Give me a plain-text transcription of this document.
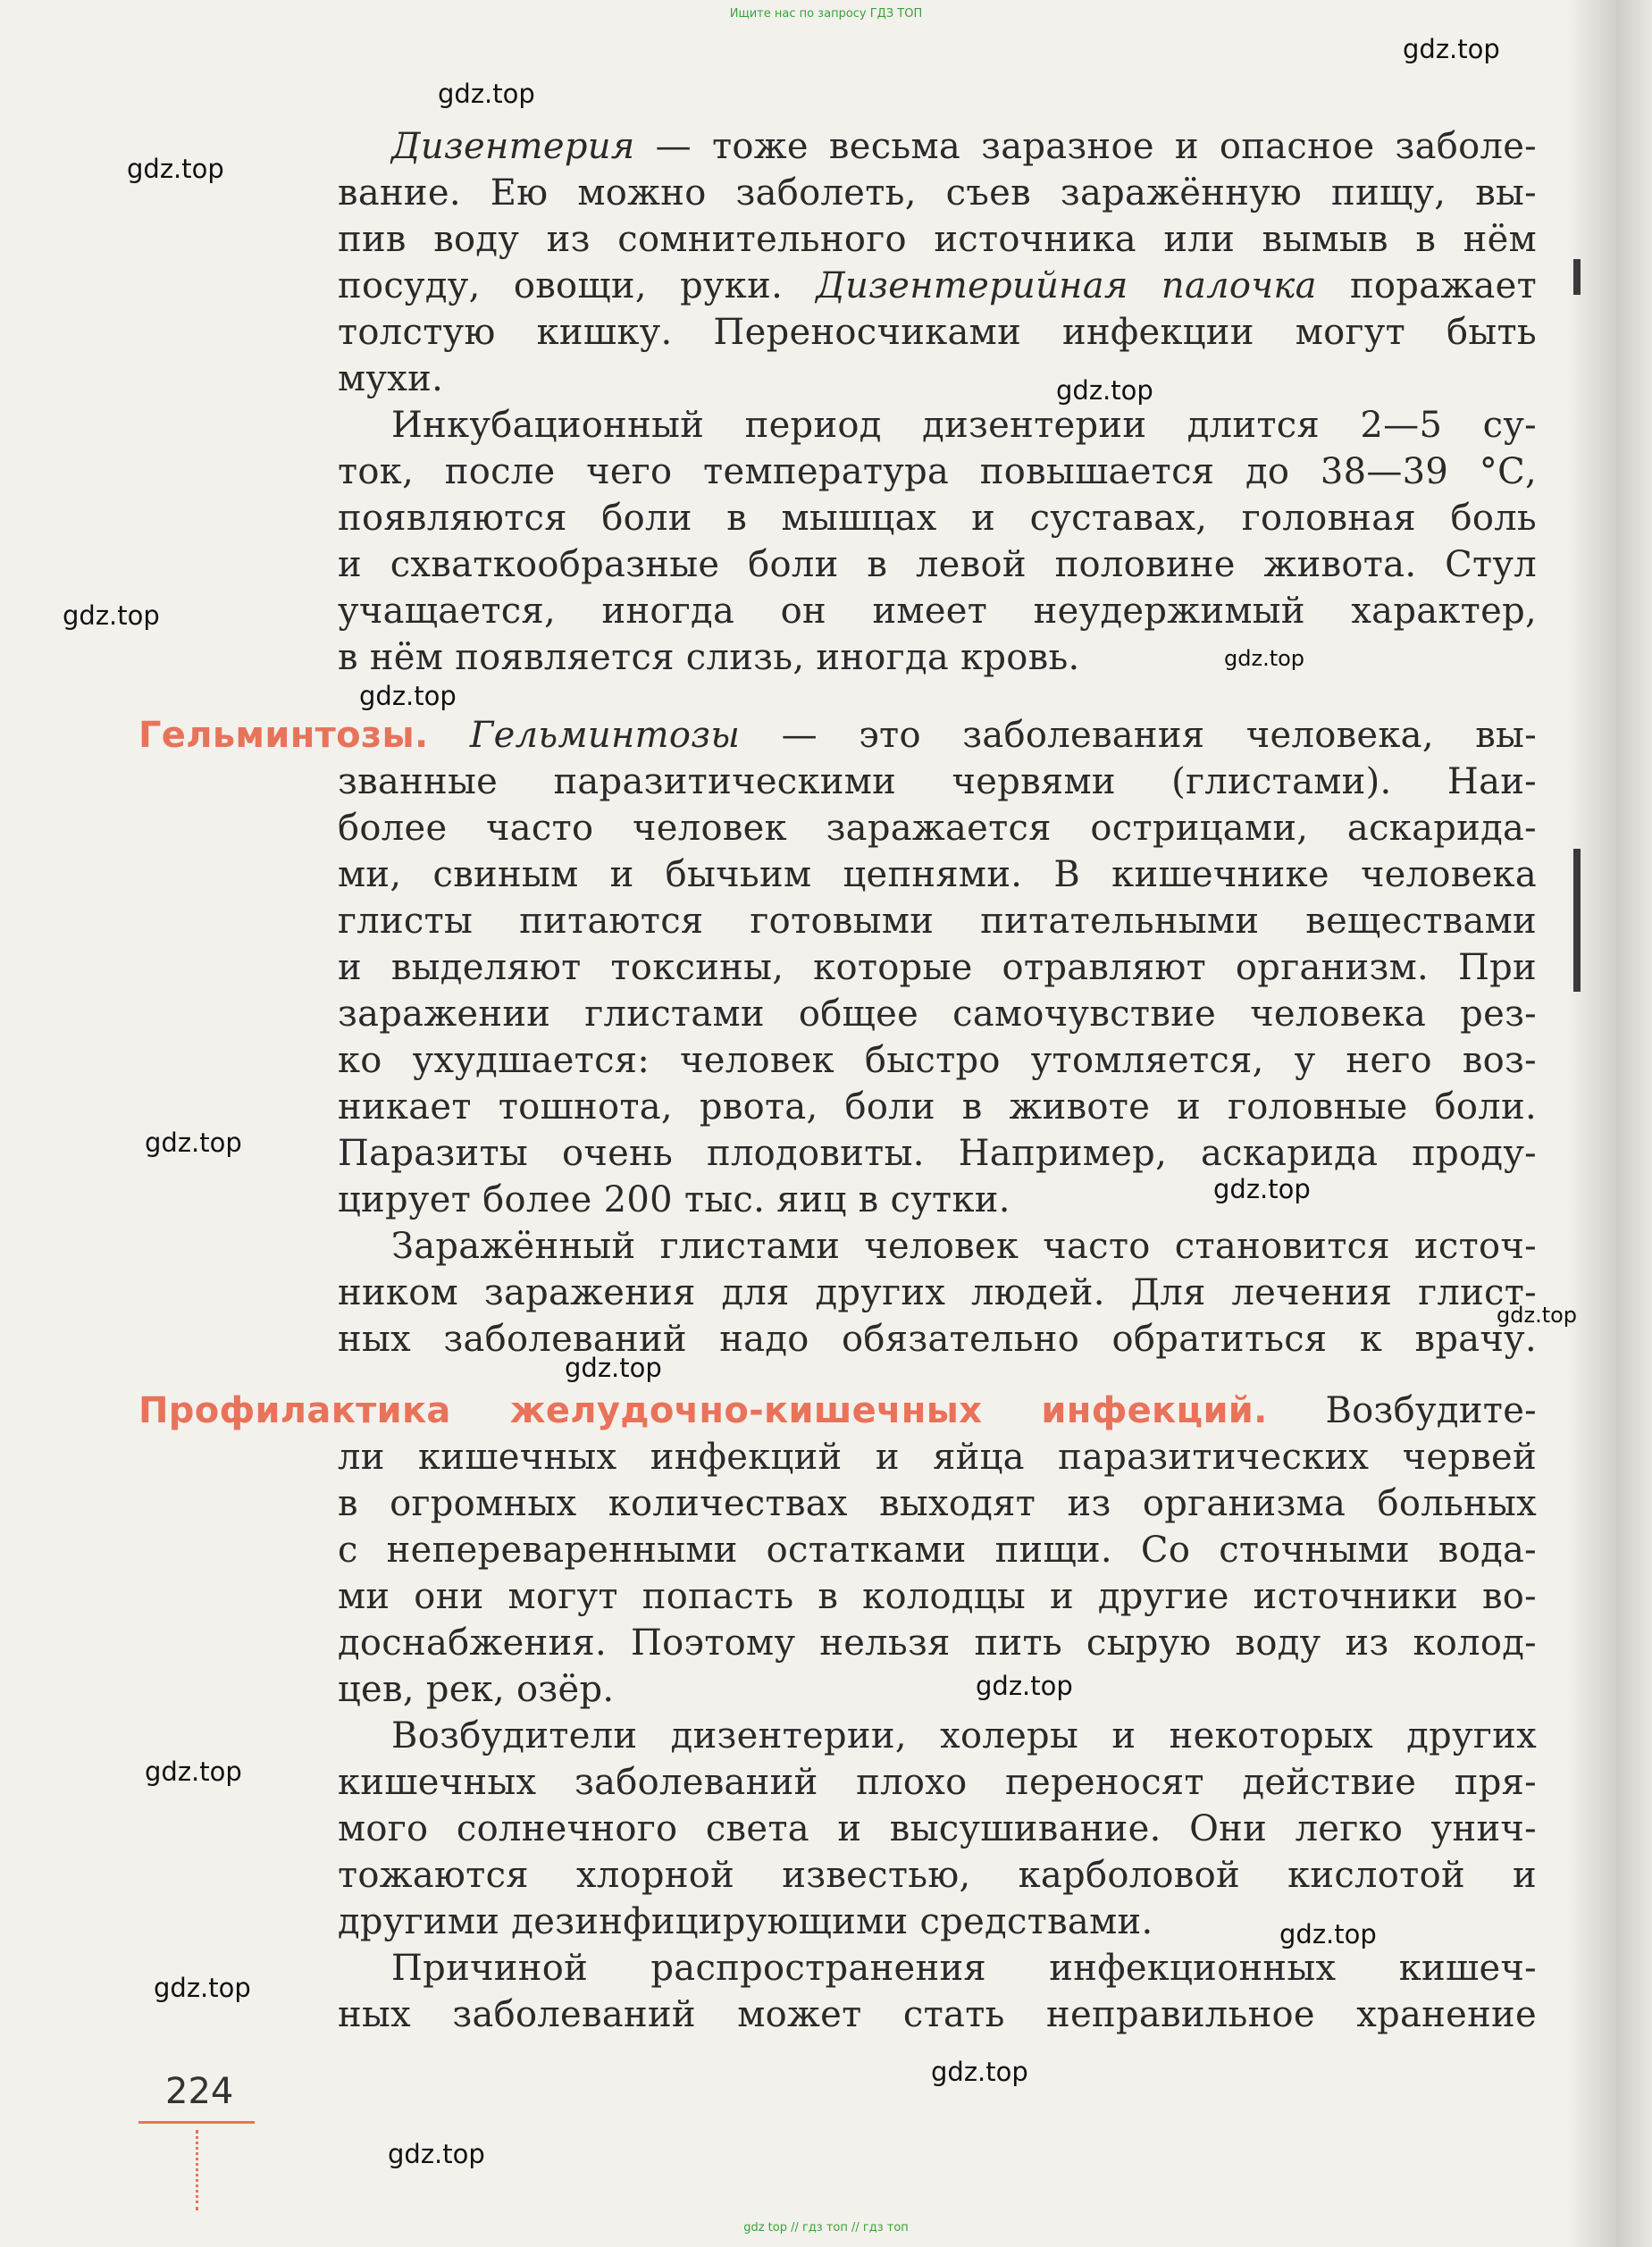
Ищите нас по запросу ГДЗ ТОП
Дизентерия — тоже весьма заразное и опасное заболе-
вание. Ею можно заболеть, съев заражённую пищу, вы-
пив воду из сомнительного источника или вымыв в нём
посуду, овощи, руки. Дизентерийная палочка поражает
толстую кишку. Переносчиками инфекции могут быть
мухи.
Инкубационный период дизентерии длится 2—5 су-
ток, после чего температура повышается до 38—39 °С,
появляются боли в мышцах и суставах, головная боль
и схваткообразные боли в левой половине живота. Стул
учащается, иногда он имеет неудержимый характер,
в нём появляется слизь, иногда кровь.
Гельминтозы. Гельминтозы — это заболевания человека, вы-
званные паразитическими червями (глистами). Наи-
более часто человек заражается острицами, аскарида-
ми, свиным и бычьим цепнями. В кишечнике человека
глисты питаются готовыми питательными веществами
и выделяют токсины, которые отравляют организм. При
заражении глистами общее самочувствие человека рез-
ко ухудшается: человек быстро утомляется, у него воз-
никает тошнота, рвота, боли в животе и головные боли.
Паразиты очень плодовиты. Например, аскарида проду-
цирует более 200 тыс. яиц в сутки.
Заражённый глистами человек часто становится источ-
ником заражения для других людей. Для лечения глист-
ных заболеваний надо обязательно обратиться к врачу.
Профилактика желудочно-кишечных инфекций. Возбудите-
ли кишечных инфекций и яйца паразитических червей
в огромных количествах выходят из организма больных
с непереваренными остатками пищи. Со сточными вода-
ми они могут попасть в колодцы и другие источники во-
доснабжения. Поэтому нельзя пить сырую воду из колод-
цев, рек, озёр.
Возбудители дизентерии, холеры и некоторых других
кишечных заболеваний плохо переносят действие пря-
мого солнечного света и высушивание. Они легко унич-
тожаются хлорной известью, карболовой кислотой и
другими дезинфицирующими средствами.
Причиной распространения инфекционных кишеч-
ных заболеваний может стать неправильное хранение
224
gdz.top
gdz.top
gdz.top
gdz.top
gdz.top
gdz.top
gdz.top
gdz.top
gdz.top
gdz.top
gdz.top
gdz.top
gdz.top
gdz.top
gdz.top
gdz.top
gdz.top
gdz top // гдз топ // гдз топ
